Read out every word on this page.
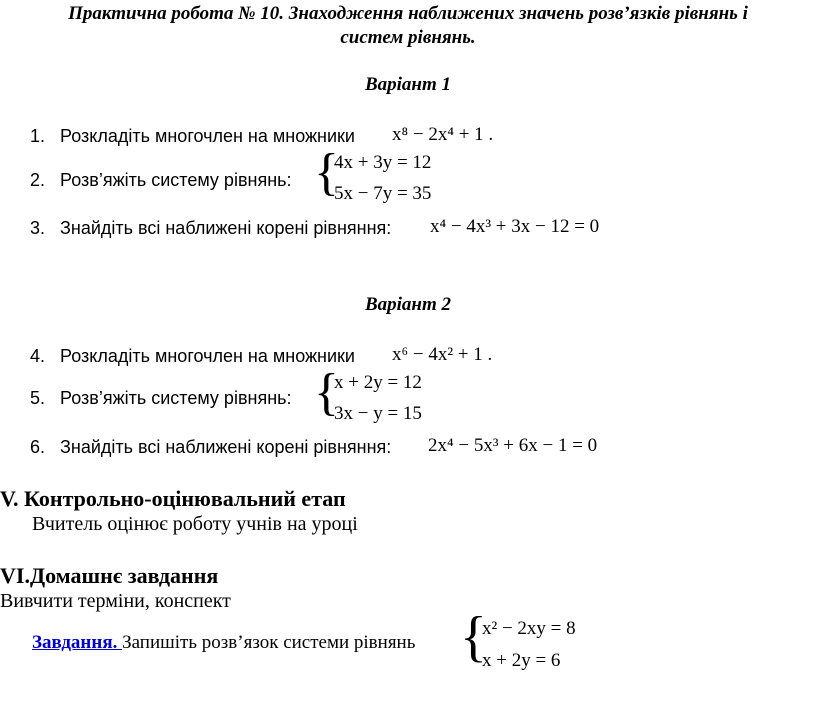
Практична робота № 10. Знаходження наближених значень розв’язків рівнянь і
систем рівнянь.
Варіант 1
1. Розкладіть многочлен на множники x⁸ − 2x⁴ + 1 .
2. Розв’яжіть систему рівнянь: {
4x + 3y = 12
5x − 7y = 35
3. Знайдіть всі наближені корені рівняння: x⁴ − 4x³ + 3x − 12 = 0
Варіант 2
4. Розкладіть многочлен на множники x⁶ − 4x² + 1 .
5. Розв’яжіть систему рівнянь: {
x + 2y = 12
3x − y = 15
6. Знайдіть всі наближені корені рівняння: 2x⁴ − 5x³ + 6x − 1 = 0
V. Контрольно-оцінювальний етап
Вчитель оцінює роботу учнів на уроці
VI.Домашнє завдання
Вивчити терміни, конспект
Завдання. Запишіть розв’язок системи рівнянь {
x² − 2xy = 8
x + 2y = 6
